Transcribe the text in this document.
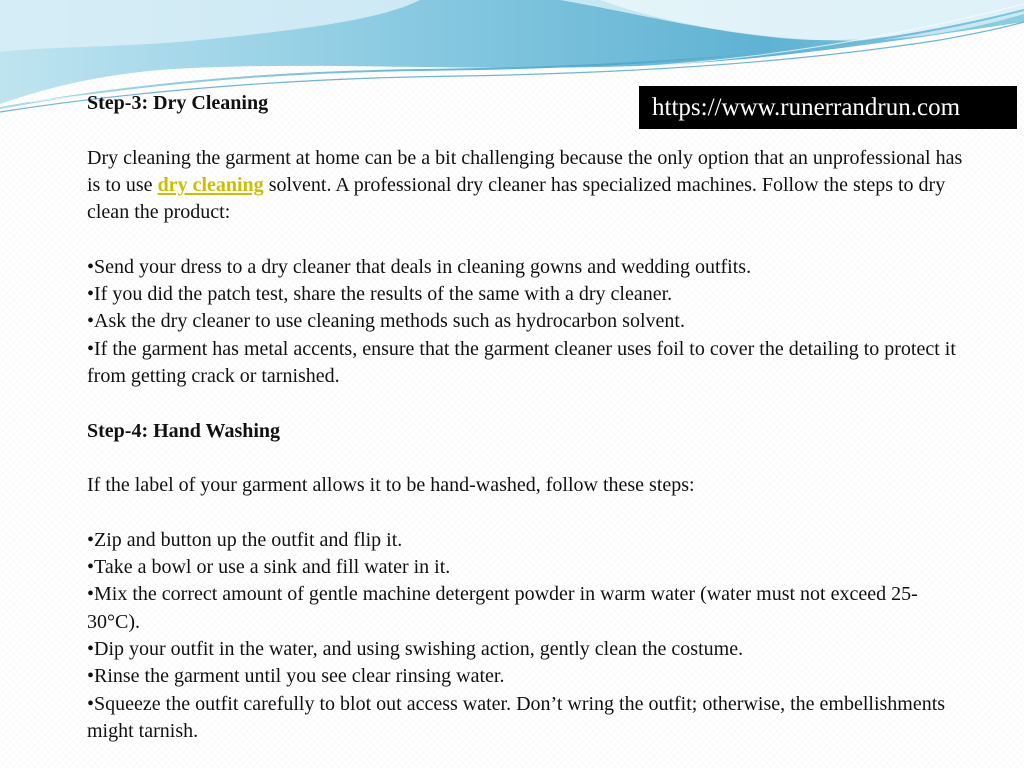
https://www.runerrandrun.com

Step-3: Dry Cleaning

Dry cleaning the garment at home can be a bit challenging because the only option that an unprofessional has is to use dry cleaning solvent. A professional dry cleaner has specialized machines. Follow the steps to dry clean the product:

•Send your dress to a dry cleaner that deals in cleaning gowns and wedding outfits.

•If you did the patch test, share the results of the same with a dry cleaner.

•Ask the dry cleaner to use cleaning methods such as hydrocarbon solvent.

•If the garment has metal accents, ensure that the garment cleaner uses foil to cover the detailing to protect it from getting crack or tarnished.

Step-4: Hand Washing

If the label of your garment allows it to be hand-washed, follow these steps:

•Zip and button up the outfit and flip it.

•Take a bowl or use a sink and fill water in it.

•Mix the correct amount of gentle machine detergent powder in warm water (water must not exceed 25-30°C).

•Dip your outfit in the water, and using swishing action, gently clean the costume.

•Rinse the garment until you see clear rinsing water.

•Squeeze the outfit carefully to blot out access water. Don’t wring the outfit; otherwise, the embellishments might tarnish.
